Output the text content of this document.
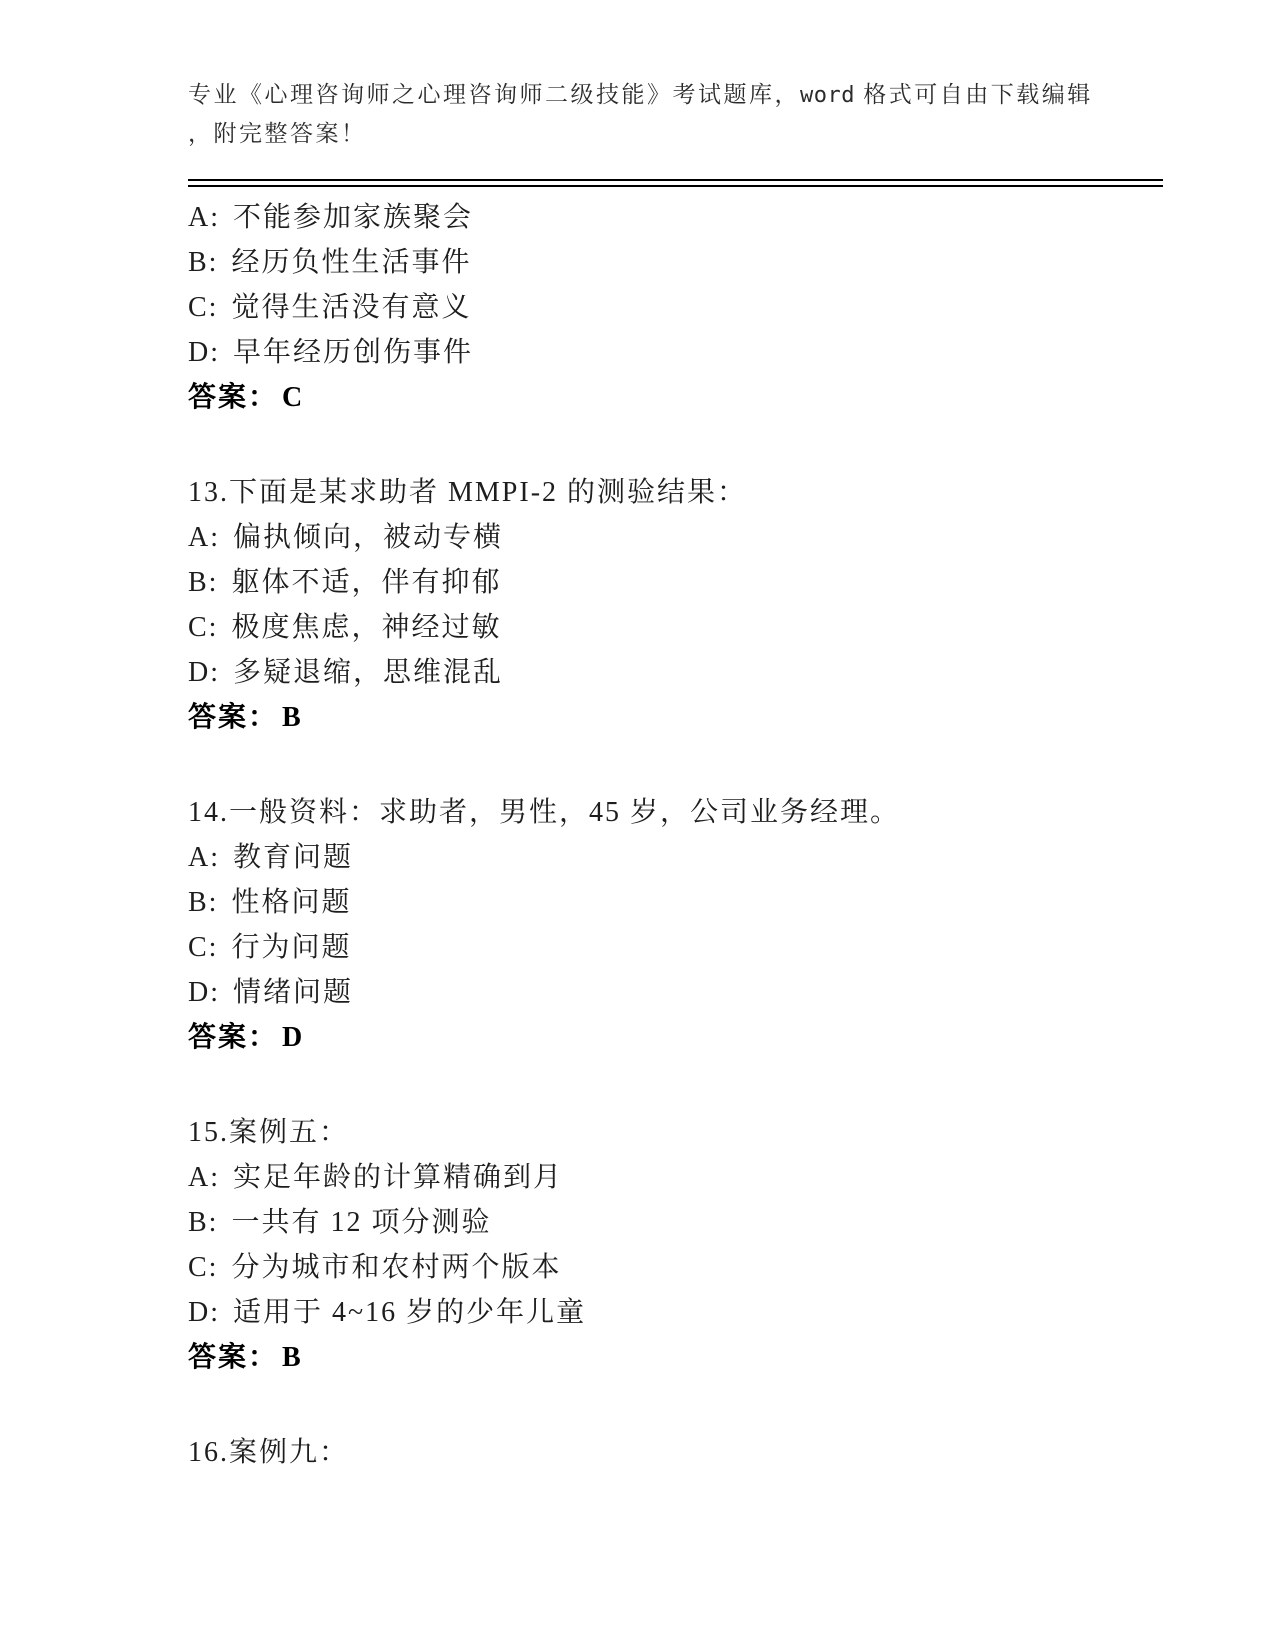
专业《心理咨询师之心理咨询师二级技能》考试题库，word 格式可自由下载编辑
，附完整答案！
A: 不能参加家族聚会
B: 经历负性生活事件
C: 觉得生活没有意义
D: 早年经历创伤事件
答案： C
13.下面是某求助者 MMPI-2 的测验结果：
A: 偏执倾向，被动专横
B: 躯体不适，伴有抑郁
C: 极度焦虑，神经过敏
D: 多疑退缩，思维混乱
答案： B
14.一般资料：求助者，男性，45 岁，公司业务经理。
A: 教育问题
B: 性格问题
C: 行为问题
D: 情绪问题
答案： D
15.案例五：
A: 实足年龄的计算精确到月
B: 一共有 12 项分测验
C: 分为城市和农村两个版本
D: 适用于 4~16 岁的少年儿童
答案： B
16.案例九：
